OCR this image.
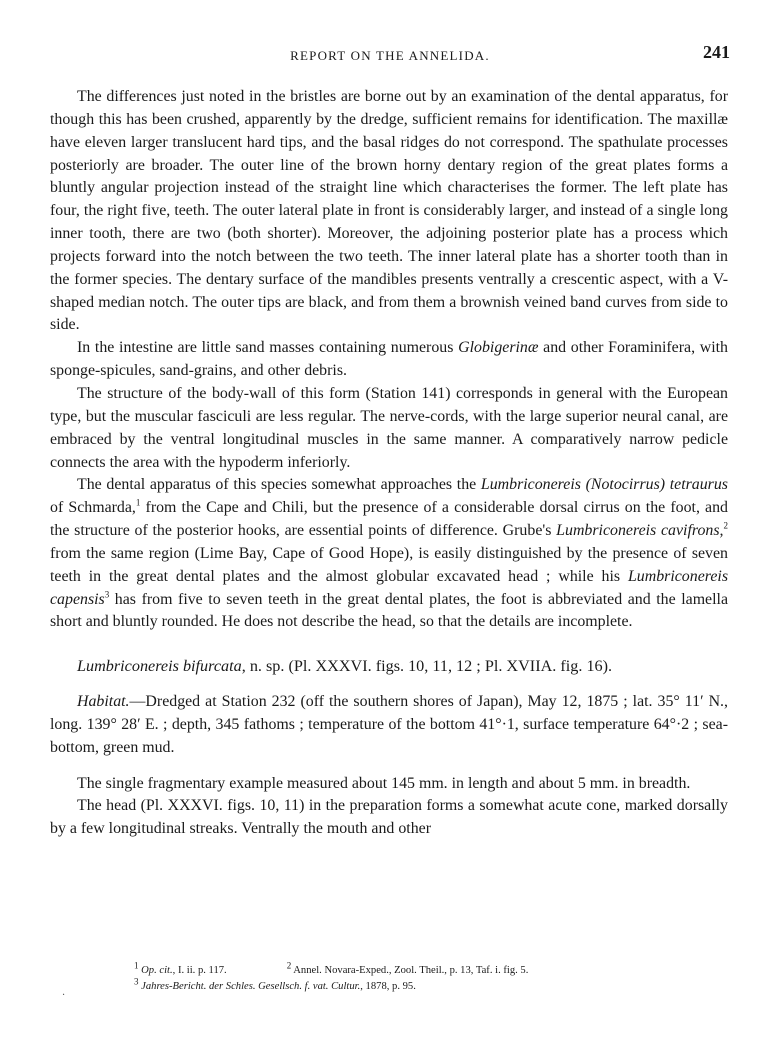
REPORT ON THE ANNELIDA.	241

The differences just noted in the bristles are borne out by an examination of the dental apparatus, for though this has been crushed, apparently by the dredge, sufficient remains for identification. The maxillæ have eleven larger translucent hard tips, and the basal ridges do not correspond. The spathulate processes posteriorly are broader. The outer line of the brown horny dentary region of the great plates forms a bluntly angular projection instead of the straight line which characterises the former. The left plate has four, the right five, teeth. The outer lateral plate in front is considerably larger, and instead of a single long inner tooth, there are two (both shorter). Moreover, the adjoining posterior plate has a process which projects forward into the notch between the two teeth. The inner lateral plate has a shorter tooth than in the former species. The dentary surface of the mandibles presents ventrally a crescentic aspect, with a V-shaped median notch. The outer tips are black, and from them a brownish veined band curves from side to side.

In the intestine are little sand masses containing numerous Globigerinæ and other Foraminifera, with sponge-spicules, sand-grains, and other debris.

The structure of the body-wall of this form (Station 141) corresponds in general with the European type, but the muscular fasciculi are less regular. The nerve-cords, with the large superior neural canal, are embraced by the ventral longitudinal muscles in the same manner. A comparatively narrow pedicle connects the area with the hypoderm inferiorly.

The dental apparatus of this species somewhat approaches the Lumbriconereis (Notocirrus) tetraurus of Schmarda,$^1$ from the Cape and Chili, but the presence of a considerable dorsal cirrus on the foot, and the structure of the posterior hooks, are essential points of difference. Grube's Lumbriconereis cavifrons,$^2$ from the same region (Lime Bay, Cape of Good Hope), is easily distinguished by the presence of seven teeth in the great dental plates and the almost globular excavated head ; while his Lumbriconereis capensis$^3$ has from five to seven teeth in the great dental plates, the foot is abbreviated and the lamella short and bluntly rounded. He does not describe the head, so that the details are incomplete.

Lumbriconereis bifurcata, n. sp. (Pl. XXXVI. figs. 10, 11, 12 ; Pl. XVIIA. fig. 16).

Habitat.—Dredged at Station 232 (off the southern shores of Japan), May 12, 1875 ; lat. 35° 11′ N., long. 139° 28′ E. ; depth, 345 fathoms ; temperature of the bottom 41°·1, surface temperature 64°·2 ; sea-bottom, green mud.

The single fragmentary example measured about 145 mm. in length and about 5 mm. in breadth.

The head (Pl. XXXVI. figs. 10, 11) in the preparation forms a somewhat acute cone, marked dorsally by a few longitudinal streaks. Ventrally the mouth and other

$^1$ Op. cit., I. ii. p. 117.	$^2$ Annel. Novara-Exped., Zool. Theil., p. 13, Taf. i. fig. 5.
$^3$ Jahres-Bericht. der Schles. Gesellsch. f. vat. Cultur., 1878, p. 95.
·
